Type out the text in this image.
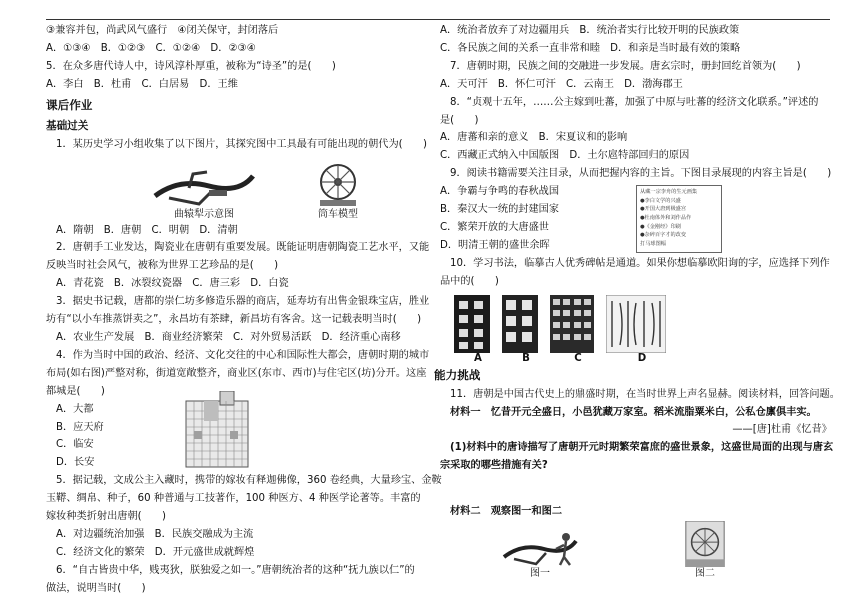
③兼容并包，尚武风气盛行　④闭关保守，封闭落后
A．①③④　B．①②③　C．①②④　D．②③④
5．在众多唐代诗人中，诗风淳朴厚重，被称为“诗圣”的是(　　)
A．李白　B．杜甫　C．白居易　D．王维
课后作业
基础过关
1．某历史学习小组收集了以下图片，其探究图中工具最有可能出现的朝代为(　　)
曲辕犁示意图	筒车模型
A．隋朝　B．唐朝　C．明朝　D．清朝
2．唐朝手工业发达，陶瓷业在唐朝有重要发展。既能证明唐朝陶瓷工艺水平，又能
反映当时社会风气，被称为世界工艺珍品的是(　　)
A．青花瓷　B．冰裂纹瓷器　C．唐三彩　D．白瓷
3．据史书记载，唐都的崇仁坊多修造乐器的商店，延寿坊有出售金银珠宝店，胜业
坊有“以小车推蒸饼卖之”，永昌坊有茶肆，新昌坊有客舍。这一记载表明当时(　　)
A．农业生产发展　B．商业经济繁荣　C．对外贸易活跃　D．经济重心南移
4．作为当时中国的政治、经济、文化交往的中心和国际性大都会，唐朝时期的城市
布局(如右图)严整对称，街道宽敞整齐，商业区(东市、西市)与住宅区(坊)分开。这座
都城是(　　)
A．大都
B．应天府
C．临安
D．长安
5．据记载，文成公主入藏时，携带的嫁妆有释迦佛像，360 卷经典，大量珍宝、金鞍
玉鞯、绸帛、种子，60 种普通与工技著作，100 种医方、4 种医学论著等。丰富的
嫁妆种类折射出唐朝(　　)
A．对边疆统治加强　B．民族交融成为主流
C．经济文化的繁荣　D．开元盛世成就辉煌
6．“自古皆贵中华，贱夷狄，朕独爱之如一。”唐朝统治者的这种“抚九族以仁”的
做法，说明当时(　　)
A．统治者放弃了对边疆用兵　B．统治者实行比较开明的民族政策
C．各民族之间的关系一直非常和睦　D．和亲是当时最有效的策略
7．唐朝时期，民族之间的交融进一步发展。唐玄宗时，册封回纥首领为(　　)
A．天可汗　B．怀仁可汗　C．云南王　D．渤海郡王
8．“贞观十五年，……公主嫁到吐蕃，加强了中原与吐蕃的经济文化联系。”评述的
是(　　)
A．唐蕃和亲的意义　B．宋夏议和的影响
C．西藏正式纳入中国版图　D．土尔扈特部回归的原因
9．阅读书籍需要关注目录，从而把握内容的主旨。下图目录展现的内容主旨是(　　)
A．争霸与争鸣的春秋战国
B．秦汉大一统的封建国家
C．繁荣开放的大唐盛世
D．明清王朝的盛世余晖
从藏一宗李舟的生元画集
●李白文学的兴盛
●开国大唐到极盛宫
●杜南体外和刘作品作
●《金刚经》印刷
●杂碎百字才的改变
打马球图幅
10．学习书法，临摹古人优秀碑帖是通道。如果你想临摹欧阳询的字，应选择下列作
品中的(　　)
A	B	C	D
能力挑战
11．唐朝是中国古代史上的鼎盛时期，在当时世界上声名显赫。阅读材料，回答问题。
材料一　忆昔开元全盛日，小邑犹藏万家室。稻米流脂粟米白，公私仓廪俱丰实。
——[唐]杜甫《忆昔》
(1)材料中的唐诗描写了唐朝开元时期繁荣富庶的盛世景象，这盛世局面的出现与唐玄
宗采取的哪些措施有关?
材料二　观察图一和图二
图一	图二
